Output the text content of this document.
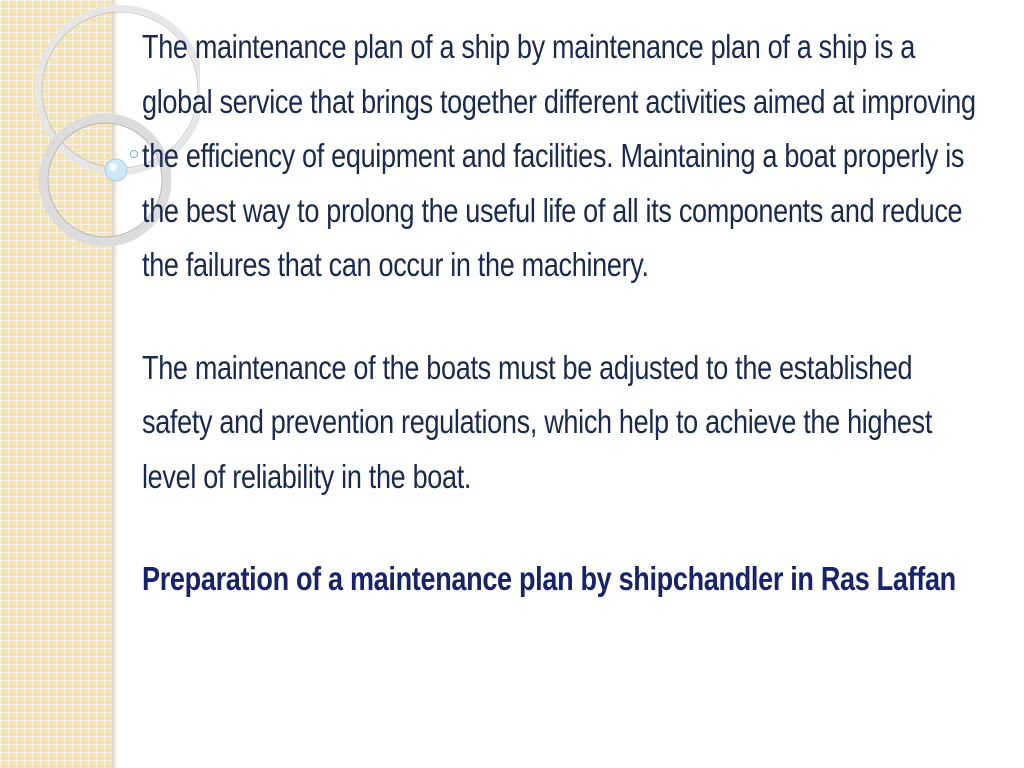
The maintenance plan of a ship by maintenance plan of a ship is a global service that brings together different activities aimed at improving the efficiency of equipment and facilities. Maintaining a boat properly is the best way to prolong the useful life of all its components and reduce the failures that can occur in the machinery.

The maintenance of the boats must be adjusted to the established safety and prevention regulations, which help to achieve the highest level of reliability in the boat.

Preparation of a maintenance plan by shipchandler in Ras Laffan
